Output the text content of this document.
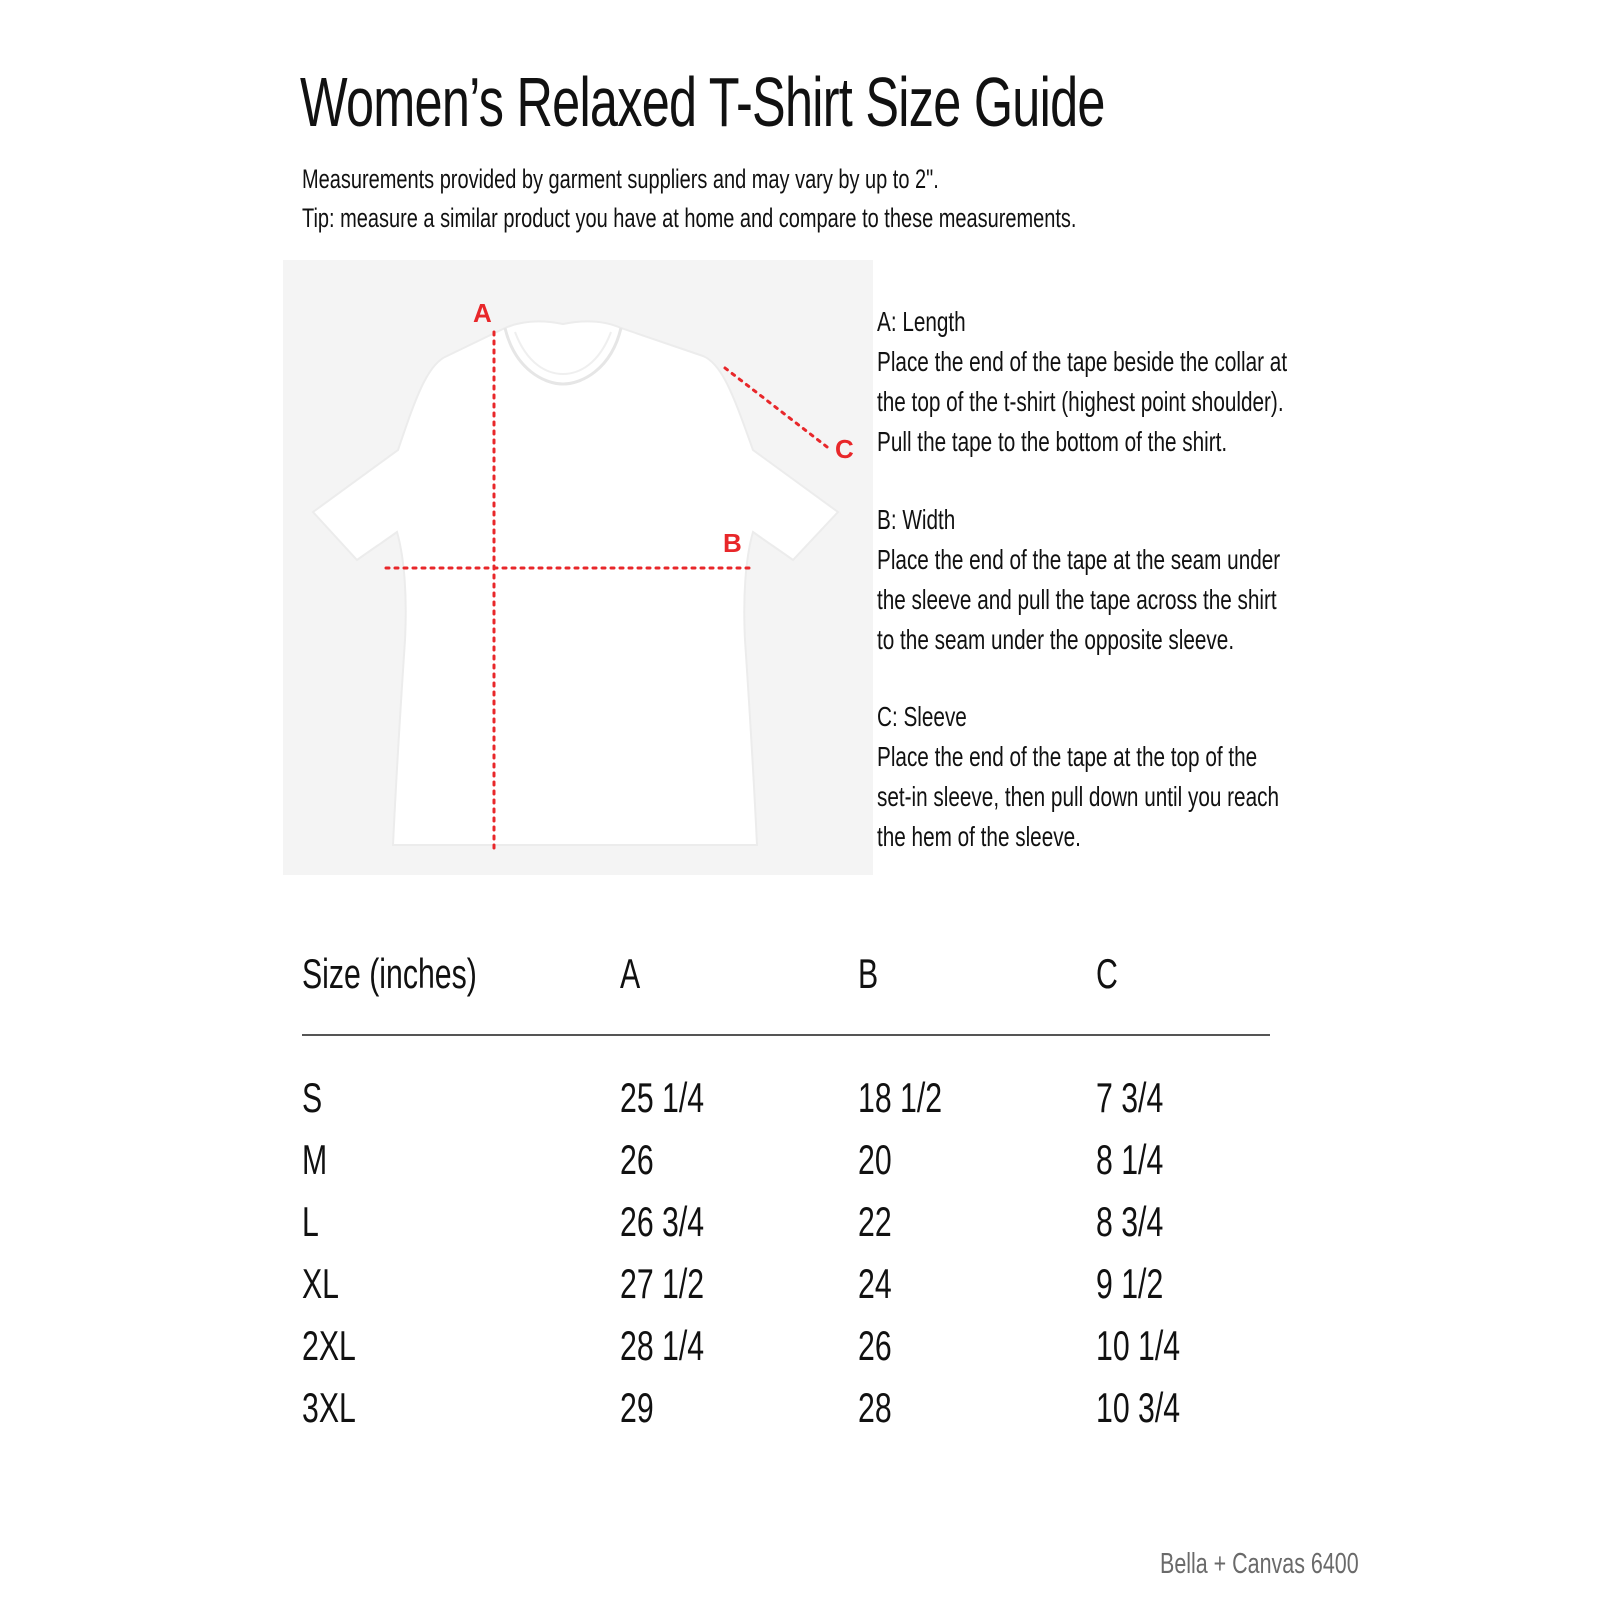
Women’s Relaxed T-Shirt Size Guide
Measurements provided by garment suppliers and may vary by up to 2".
Tip: measure a similar product you have at home and compare to these measurements.
A
B
C
A: Length
Place the end of the tape beside the collar at
the top of the t-shirt (highest point shoulder).
Pull the tape to the bottom of the shirt.
B: Width
Place the end of the tape at the seam under
the sleeve and pull the tape across the shirt
to the seam under the opposite sleeve.
C: Sleeve
Place the end of the tape at the top of the
set-in sleeve, then pull down until you reach
the hem of the sleeve.
Size (inches)	A	B	C
S	25 1/4	18 1/2	7 3/4
M	26	20	8 1/4
L	26 3/4	22	8 3/4
XL	27 1/2	24	9 1/2
2XL	28 1/4	26	10 1/4
3XL	29	28	10 3/4
Bella + Canvas 6400
